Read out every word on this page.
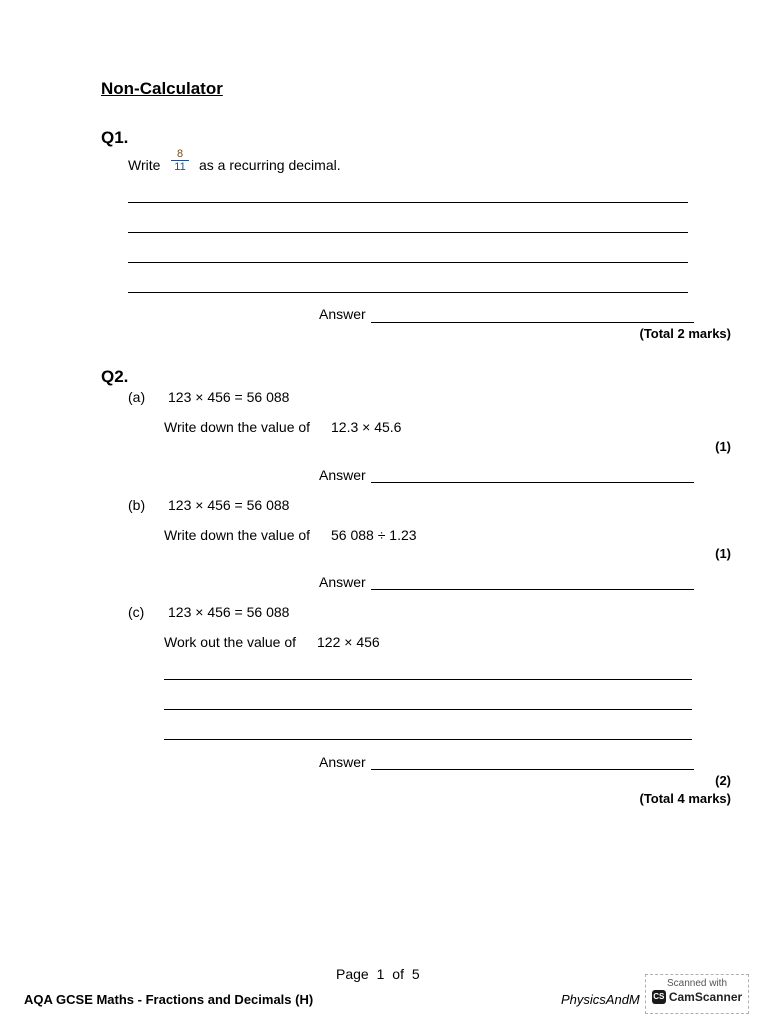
Non-Calculator
Q1.
Write
8
11 as a recurring decimal.
Answer
(Total 2 marks)
Q2.
(a) 123 × 456 = 56 088
Write down the value of 12.3 × 45.6
(1)
Answer
(b) 123 × 456 = 56 088
Write down the value of 56 088 ÷ 1.23
(1)
Answer
(c) 123 × 456 = 56 088
Work out the value of 122 × 456
Answer
(2)
(Total 4 marks)
Page 1 of 5
AQA GCSE Maths - Fractions and Decimals (H)	PhysicsAndM
Scanned with
CS CamScanner
